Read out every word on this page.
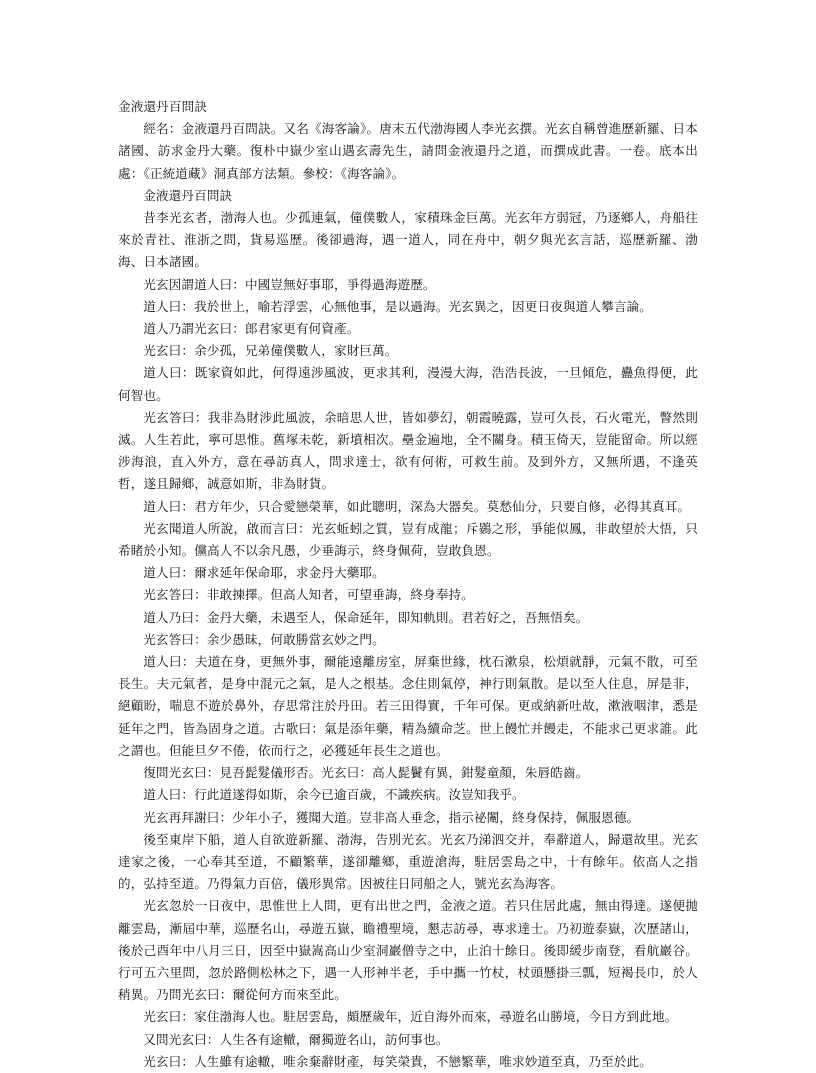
金液還丹百問訣

經名：金液還丹百問訣。又名《海客論》。唐末五代渤海國人李光玄撰。光玄自稱曾進歷新羅、日本諸國、訪求金丹大藥。復朴中嶽少室山遇玄壽先生，請問金液還丹之道，而撰成此書。一卷。底本出處：《正統道藏》洞真部方法類。參校：《海客論》。

金液還丹百問訣

昔李光玄者，渤海人也。少孤連氣，僮僕數人，家積珠金巨萬。光玄年方弱冠，乃逐鄉人，舟船往來於青社、淮浙之問，貨易巡歷。後卻過海，遇一道人，同在舟中，朝夕與光玄言話，巡歷新羅、渤海、日本諸國。

光玄因謂道人曰：中國豈無好事耶，爭得過海遊歷。

道人曰：我於世上，喻若浮雲，心無他事，是以過海。光玄異之，因更日夜與道人攀言論。

道人乃謂光玄曰：郎君家更有何資產。

光玄曰：余少孤，兄弟僮僕數人，家財巨萬。

道人曰：既家資如此，何得遠涉風波，更求其利，漫漫大海，浩浩長波，一旦傾危，蠱魚得便，此何智也。

光玄答曰：我非為財涉此風波，余暗思人世，皆如夢幻，朝霞曉露，豈可久長，石火電光，瞥然則滅。人生若此，寧可思惟。舊塚未乾，新墳相次。壘金遍地，全不關身。積玉倚天，豈能留命。所以經涉海浪，直入外方，意在尋訪真人，問求達士，欲有何術，可救生前。及到外方，又無所遇，不逢英哲，遂且歸鄉，誠意如斯，非為財貨。

道人曰：君方年少，只合愛戀榮華，如此聰明，深為大器矣。莫愁仙分，只要自修，必得其真耳。

光玄聞道人所說，啟而言曰：光玄蚯蚓之質，豈有成龍；斥鷃之形，爭能似鳳，非敢望於大悟，只希睹於小知。儻高人不以余凡愚，少垂誨示，終身佩荷，豈敢負恩。

道人曰：爾求延年保命耶，求金丹大藥耶。

光玄答曰：非敢揀擇。但高人知者，可望垂誨，終身奉持。

道人乃曰：金丹大藥，未遇至人，保命延年，即知軌則。君若好之，吾無悟矣。

光玄答曰：余少愚昧，何敢勝當玄妙之門。

道人曰：夫道在身，更無外事，爾能遠離房室，屏棄世緣，枕石漱泉，松煩就靜，元氣不散，可至長生。夫元氣者，是身中混元之氣，是人之根基。念住則氣停，神行則氣散。是以至人住息，屏是非，絕顧盼，喘息不遊於鼻外，存思常注於丹田。若三田得實，千年可保。更或納新吐故，漱液咽津，悉是延年之門，皆為固身之道。古歌曰：氣是添年藥，精為續命芝。世上饅忙并饅走，不能求己更求誰。此之謂也。但能旦夕不倦，依而行之，必獲延年長生之道也。

復問光玄曰：見吾髭髮儀形否。光玄曰：高人髭鬢有異，鉗髮童顏，朱唇皓齒。

道人曰：行此道遂得如斯，余今已逾百歲，不識疾病。汝豈知我乎。

光玄再拜謝曰：少年小子，獲聞大道。豈非高人垂念，指示祕闈，終身保持，佩服恩德。

後至東岸下船，道人自欲遊新羅、渤海，告別光玄。光玄乃涕泗交并，奉辭道人，歸還故里。光玄達家之後，一心奉其至道，不顧繁華，遂卻離鄉，重遊滄海，駐居雲島之中，十有餘年。依高人之指的，弘持至道。乃得氣力百倍，儀形異常。因被往日同船之人，號光玄為海客。

光玄忽於一日夜中，思惟世上人問，更有出世之門，金液之道。若只住居此處，無由得達。遂便拋離雲島，漸屆中華，巡歷名山，尋遊五嶽，瞻禮聖境，懇志訪尋，專求達士。乃初遊泰嶽，次歷諸山，後於己酉年中八月三日，因至中嶽嵩高山少室洞巖僧寺之中，止泊十餘日。後即緩步南登，看航巖谷。行可五六里問，忽於路側松林之下，遇一人形神半老，手中攜一竹杖，杖頭懸掛三瓢，短褐長巾，於人稍異。乃問光玄曰：爾從何方而來至此。

光玄曰：家住渤海人也。駐居雲島，頗歷歲年，近自海外而來，尋遊名山勝境，今日方到此地。

又問光玄曰：人生各有途轍，爾獨遊名山，訪何事也。

光玄曰：人生雖有途轍，唯余棄辭財產，每笑榮貴，不戀繁華，唯求妙道至真，乃至於此。
